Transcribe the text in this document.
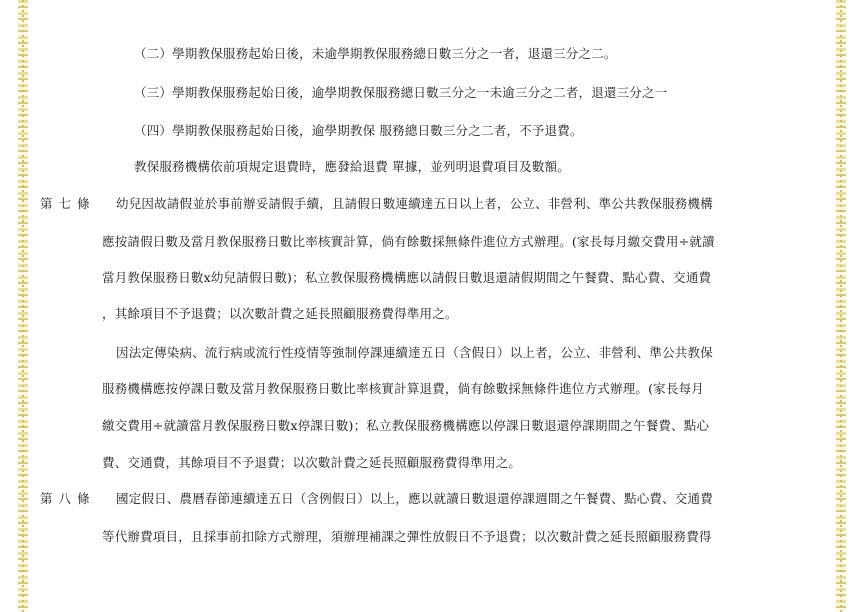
（二）學期教保服務起始日後，未逾學期教保服務總日數三分之一者，退還三分之二。
（三）學期教保服務起始日後，逾學期教保服務總日數三分之一未逾三分之二者，退還三分之一
（四）學期教保服務起始日後，逾學期教保 服務總日數三分之二者，不予退費。
教保服務機構依前項規定退費時，應發給退費 單據，並列明退費項目及數額。
第七條 幼兒因故請假並於事前辦妥請假手續，且請假日數連續達五日以上者，公立、非營利、準公共教保服務機構
應按請假日數及當月教保服務日數比率核實計算，倘有餘數採無條件進位方式辦理。(家長每月繳交費用÷就讀
當月教保服務日數x幼兒請假日數)；私立教保服務機構應以請假日數退還請假期間之午餐費、點心費、交通費
，其餘項目不予退費；以次數計費之延長照顧服務費得準用之。
因法定傳染病、流行病或流行性疫情等強制停課連續達五日（含假日）以上者，公立、非營利、準公共教保
服務機構應按停課日數及當月教保服務日數比率核實計算退費，倘有餘數採無條件進位方式辦理。(家長每月
繳交費用÷就讀當月教保服務日數x停課日數)；私立教保服務機構應以停課日數退還停課期間之午餐費、點心
費、交通費，其餘項目不予退費；以次數計費之延長照顧服務費得準用之。
第八條 國定假日、農曆春節連續達五日（含例假日）以上，應以就讀日數退還停課週間之午餐費、點心費、交通費
等代辦費項目，且採事前扣除方式辦理，須辦理補課之彈性放假日不予退費；以次數計費之延長照顧服務費得
